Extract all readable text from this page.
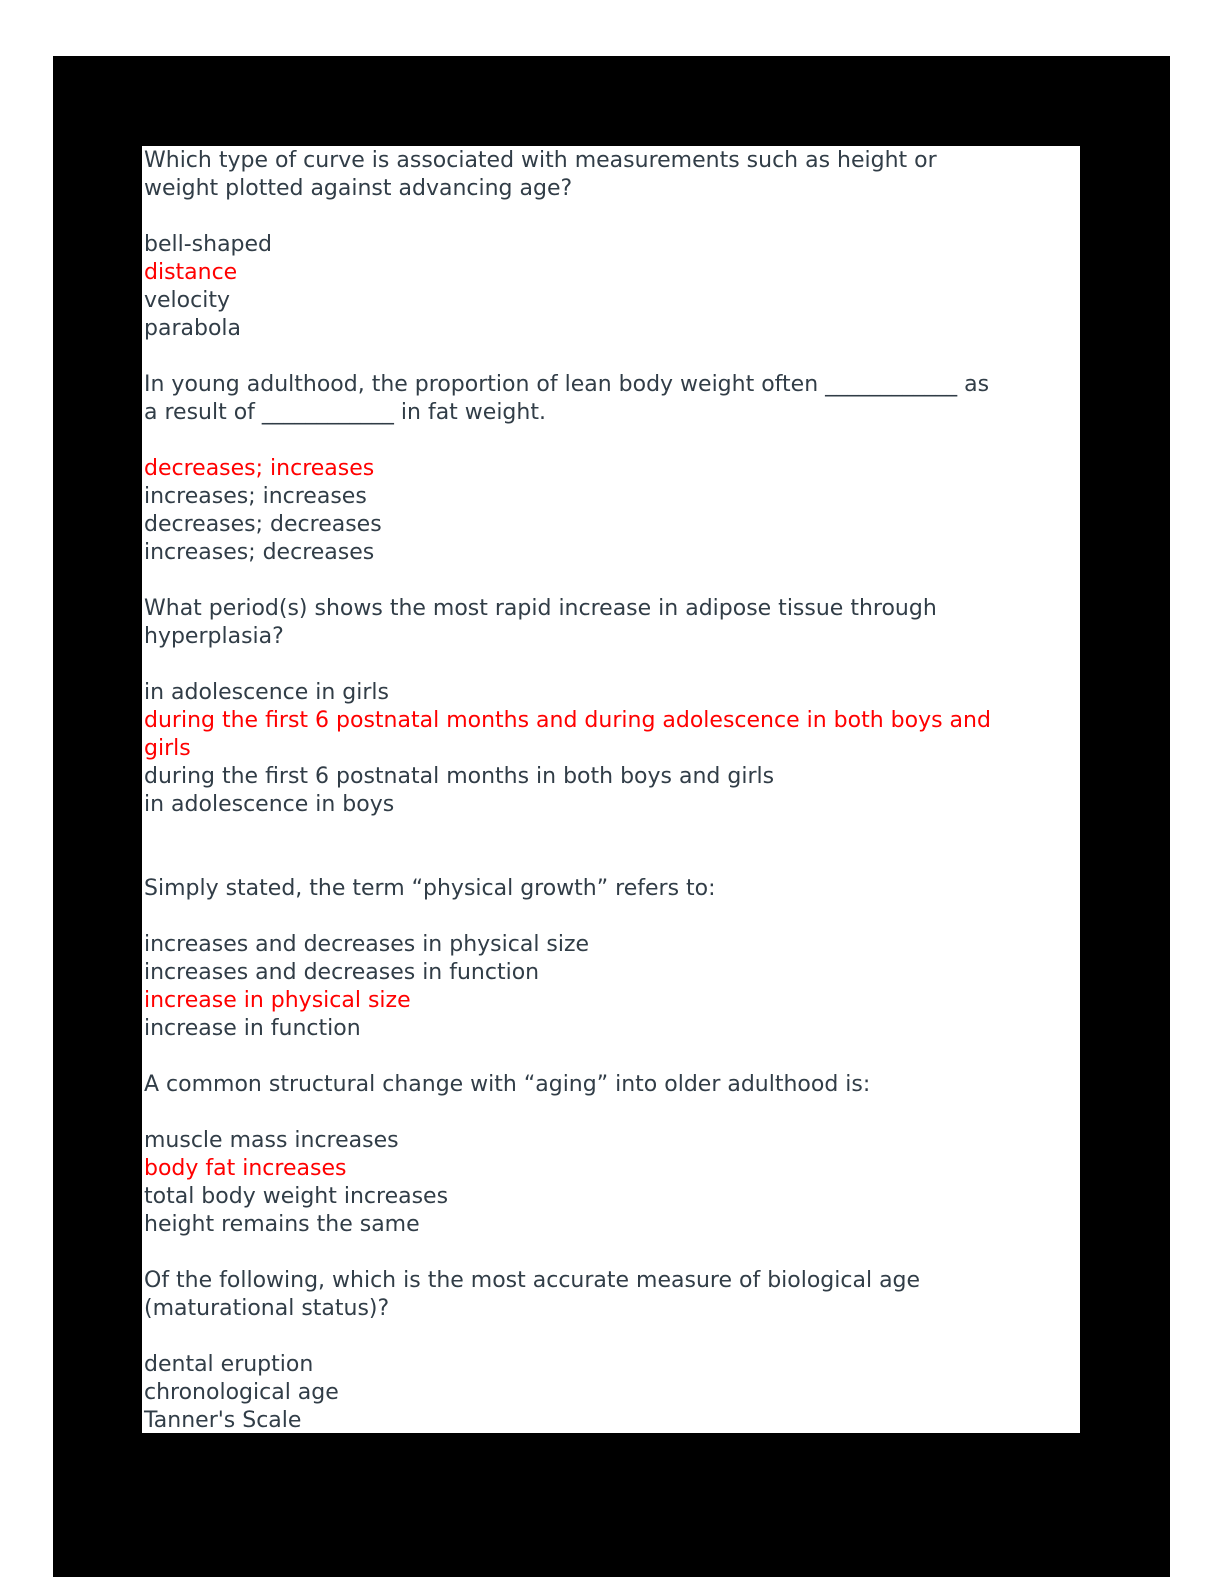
Which type of curve is associated with measurements such as height or
weight plotted against advancing age?
bell-shaped
distance
velocity
parabola
In young adulthood, the proportion of lean body weight often ____________ as
a result of ____________ in fat weight.
decreases; increases
increases; increases
decreases; decreases
increases; decreases
What period(s) shows the most rapid increase in adipose tissue through
hyperplasia?
in adolescence in girls
during the first 6 postnatal months and during adolescence in both boys and
girls
during the first 6 postnatal months in both boys and girls
in adolescence in boys
Simply stated, the term “physical growth” refers to:
increases and decreases in physical size
increases and decreases in function
increase in physical size
increase in function
A common structural change with “aging” into older adulthood is:
muscle mass increases
body fat increases
total body weight increases
height remains the same
Of the following, which is the most accurate measure of biological age
(maturational status)?
dental eruption
chronological age
Tanner's Scale
